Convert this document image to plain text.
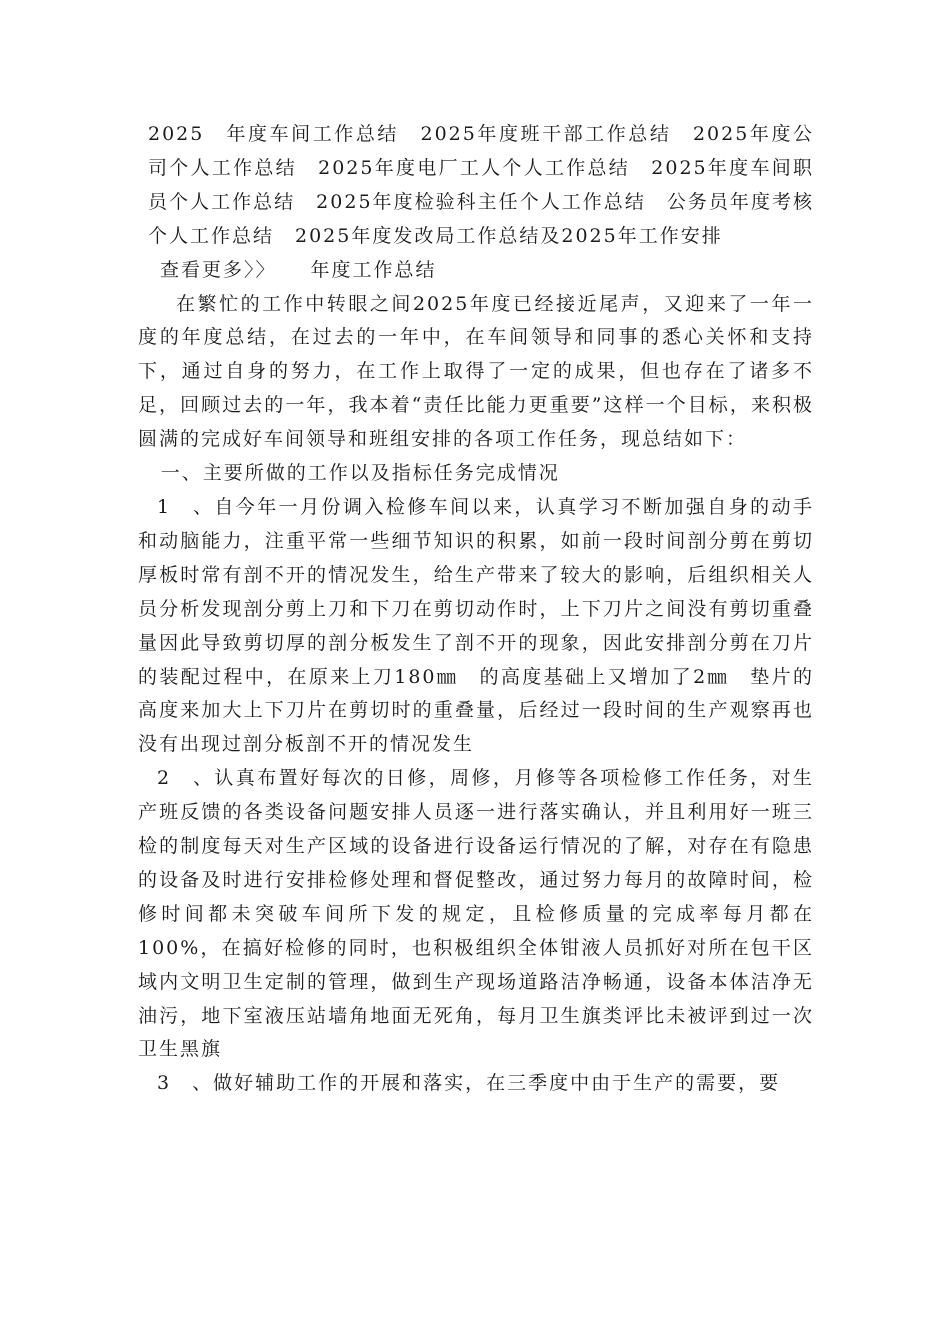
2025　年度车间工作总结　2025年度班干部工作总结　2025年度公司个人工作总结　2025年度电厂工人个人工作总结　2025年度车间职员个人工作总结　2025年度检验科主任个人工作总结　公务员年度考核个人工作总结　2025年度发改局工作总结及2025年工作安排

查看更多〉〉 年度工作总结

在繁忙的工作中转眼之间2025年度已经接近尾声，又迎来了一年一度的年度总结，在过去的一年中，在车间领导和同事的悉心关怀和支持下，通过自身的努力，在工作上取得了一定的成果，但也存在了诸多不足，回顾过去的一年，我本着“责任比能力更重要”这样一个目标，来积极圆满的完成好车间领导和班组安排的各项工作任务，现总结如下：

一、主要所做的工作以及指标任务完成情况

1　、自今年一月份调入检修车间以来，认真学习不断加强自身的动手和动脑能力，注重平常一些细节知识的积累，如前一段时间剖分剪在剪切厚板时常有剖不开的情况发生，给生产带来了较大的影响，后组织相关人员分析发现剖分剪上刀和下刀在剪切动作时，上下刀片之间没有剪切重叠量因此导致剪切厚的剖分板发生了剖不开的现象，因此安排剖分剪在刀片的装配过程中，在原来上刀180㎜　的高度基础上又增加了2㎜　垫片的高度来加大上下刀片在剪切时的重叠量，后经过一段时间的生产观察再也没有出现过剖分板剖不开的情况发生

2　、认真布置好每次的日修，周修，月修等各项检修工作任务，对生产班反馈的各类设备问题安排人员逐一进行落实确认，并且利用好一班三检的制度每天对生产区域的设备进行设备运行情况的了解，对存在有隐患的设备及时进行安排检修处理和督促整改，通过努力每月的故障时间，检修时间都未突破车间所下发的规定，且检修质量的完成率每月都在100%，在搞好检修的同时，也积极组织全体钳液人员抓好对所在包干区域内文明卫生定制的管理，做到生产现场道路洁净畅通，设备本体洁净无油污，地下室液压站墙角地面无死角，每月卫生旗类评比未被评到过一次卫生黑旗

3　、做好辅助工作的开展和落实，在三季度中由于生产的需要，要
